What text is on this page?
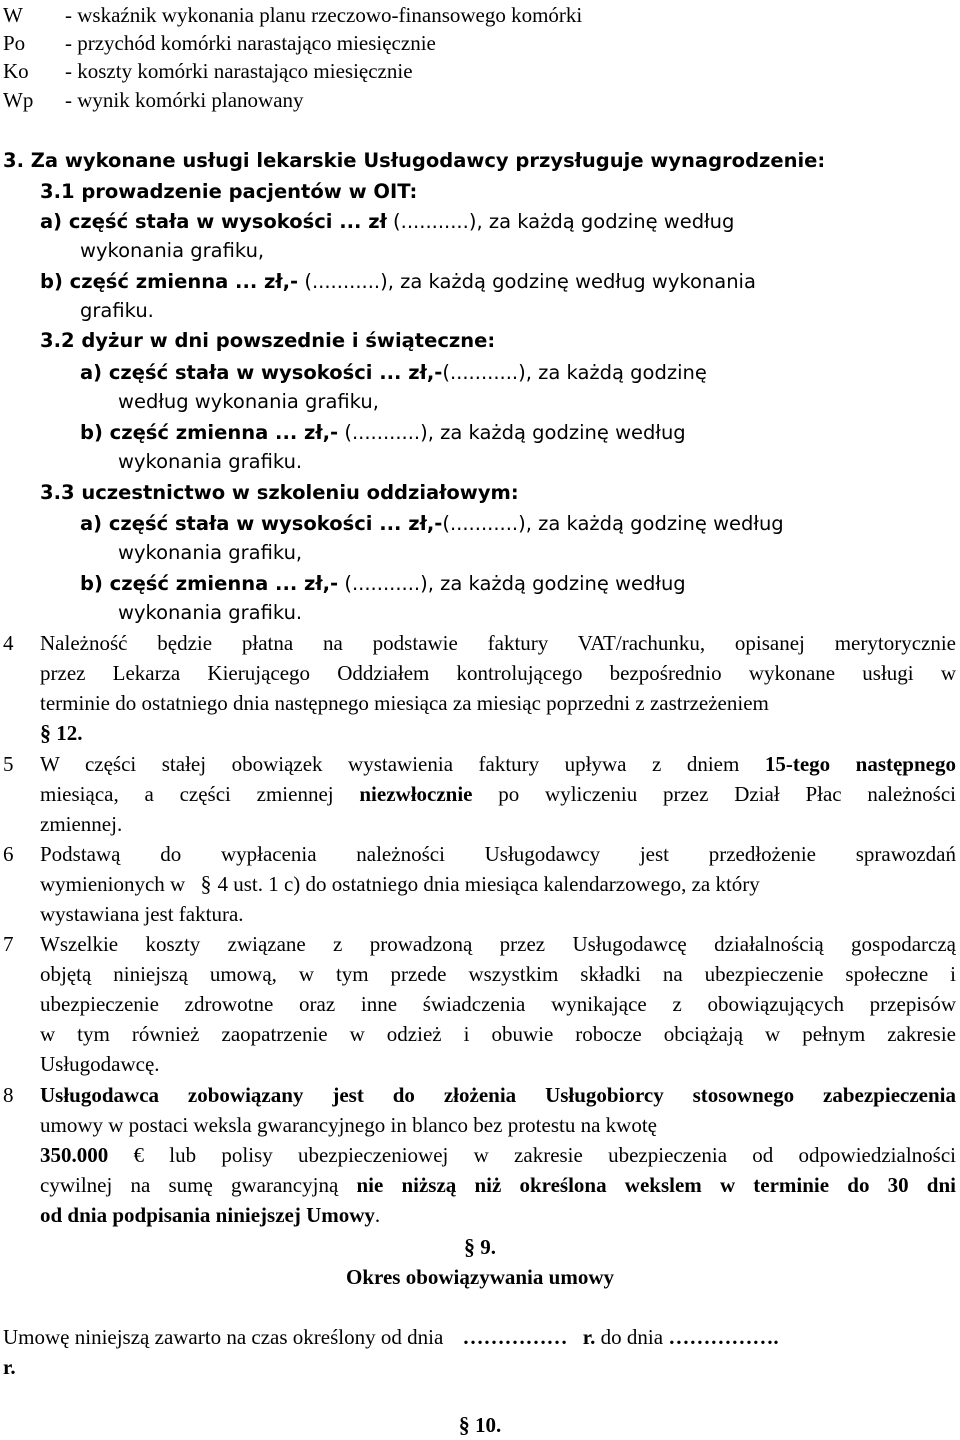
W - wskaźnik wykonania planu rzeczowo-finansowego komórki
Po - przychód komórki narastająco miesięcznie
Ko - koszty komórki narastająco miesięcznie
Wp - wynik komórki planowany
3. Za wykonane usługi lekarskie Usługodawcy przysługuje wynagrodzenie:
3.1 prowadzenie pacjentów w OIT:
a) część stała w wysokości ... zł (...........), za każdą godzinę według
wykonania grafiku,
b) część zmienna ... zł,- (...........), za każdą godzinę według wykonania
grafiku.
3.2 dyżur w dni powszednie i świąteczne:
a) część stała w wysokości ... zł,-(...........), za każdą godzinę
według wykonania grafiku,
b) część zmienna ... zł,- (...........), za każdą godzinę według
wykonania grafiku.
3.3 uczestnictwo w szkoleniu oddziałowym:
a) część stała w wysokości ... zł,-(...........), za każdą godzinę według
wykonania grafiku,
b) część zmienna ... zł,- (...........), za każdą godzinę według
wykonania grafiku.
4 Należność będzie płatna na podstawie faktury VAT/rachunku, opisanej merytorycznie
przez Lekarza Kierującego Oddziałem kontrolującego bezpośrednio wykonane usługi w
terminie do ostatniego dnia następnego miesiąca za miesiąc poprzedni z zastrzeżeniem
§ 12.
5 W części stałej obowiązek wystawienia faktury upływa z dniem 15-tego następnego
miesiąca, a części zmiennej niezwłocznie po wyliczeniu przez Dział Płac należności
zmiennej.
6 Podstawą do wypłacenia należności Usługodawcy jest przedłożenie sprawozdań
wymienionych w § 4 ust. 1 c) do ostatniego dnia miesiąca kalendarzowego, za który
wystawiana jest faktura.
7 Wszelkie koszty związane z prowadzoną przez Usługodawcę działalnością gospodarczą
objętą niniejszą umową, w tym przede wszystkim składki na ubezpieczenie społeczne i
ubezpieczenie zdrowotne oraz inne świadczenia wynikające z obowiązujących przepisów
w tym również zaopatrzenie w odzież i obuwie robocze obciążają w pełnym zakresie
Usługodawcę.
8 Usługodawca zobowiązany jest do złożenia Usługobiorcy stosownego zabezpieczenia
umowy w postaci weksla gwarancyjnego in blanco bez protestu na kwotę
350.000 € lub polisy ubezpieczeniowej w zakresie ubezpieczenia od odpowiedzialności
cywilnej na sumę gwarancyjną nie niższą niż określona wekslem w terminie do 30 dni
od dnia podpisania niniejszej Umowy.
§ 9.
Okres obowiązywania umowy
Umowę niniejszą zawarto na czas określony od dnia …………… r. do dnia …………….
r.
§ 10.
